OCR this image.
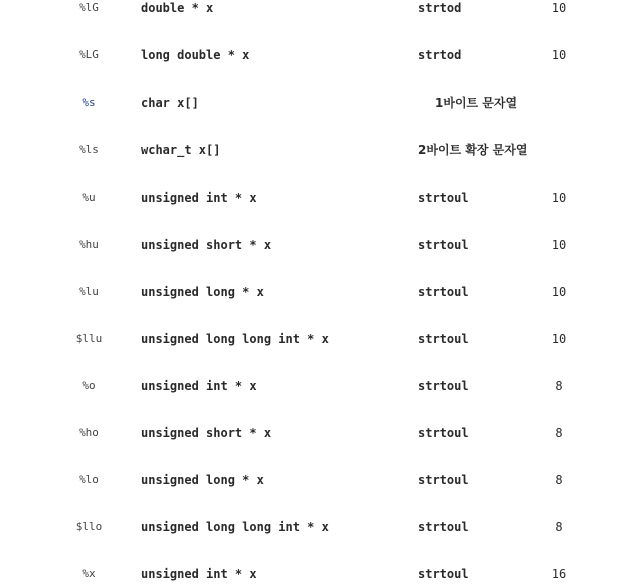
%lG	double * x	strtod	10
%LG	long double * x	strtod	10
%s	char x[]	1바이트 문자열
%ls	wchar_t x[]	2바이트 확장 문자열
%u	unsigned int * x	strtoul	10
%hu	unsigned short * x	strtoul	10
%lu	unsigned long * x	strtoul	10
$llu	unsigned long long int * x	strtoul	10
%o	unsigned int * x	strtoul	8
%ho	unsigned short * x	strtoul	8
%lo	unsigned long * x	strtoul	8
$llo	unsigned long long int * x	strtoul	8
%x	unsigned int * x	strtoul	16
